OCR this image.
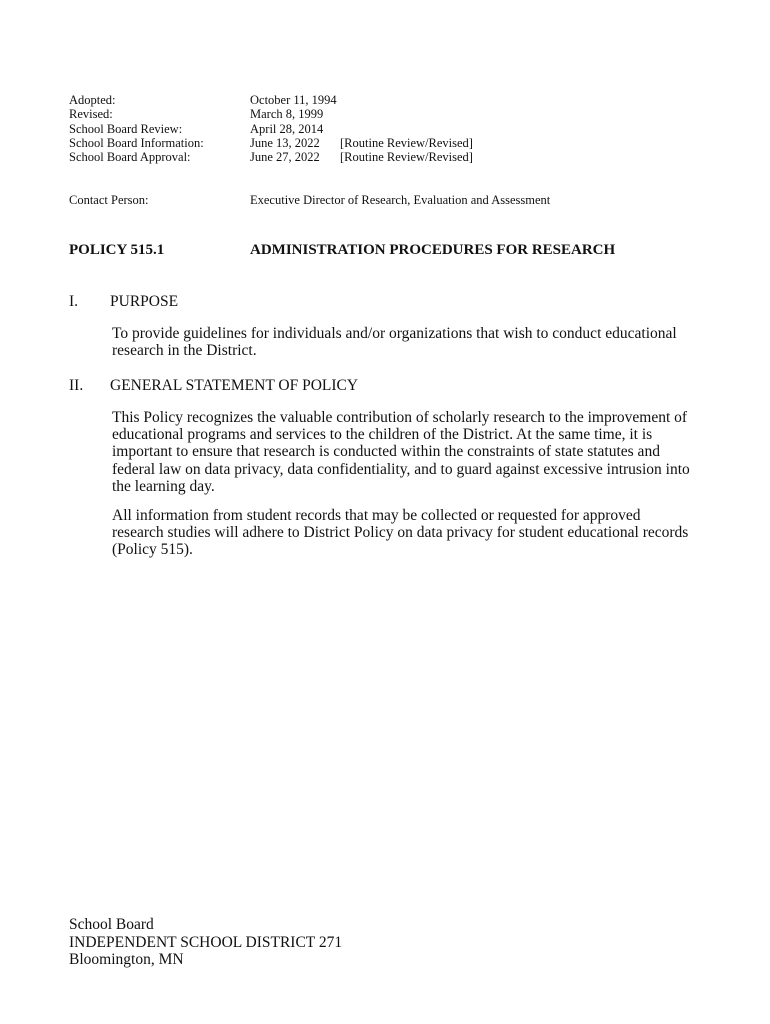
Adopted:	October 11, 1994
Revised:	March 8, 1999
School Board Review:	April 28, 2014
School Board Information:	June 13, 2022	[Routine Review/Revised]
School Board Approval:	June 27, 2022	[Routine Review/Revised]
Contact Person:	Executive Director of Research, Evaluation and Assessment
POLICY 515.1	ADMINISTRATION PROCEDURES FOR RESEARCH
I.	PURPOSE

To provide guidelines for individuals and/or organizations that wish to conduct educational research in the District.

II.	GENERAL STATEMENT OF POLICY

This Policy recognizes the valuable contribution of scholarly research to the improvement of educational programs and services to the children of the District. At the same time, it is important to ensure that research is conducted within the constraints of state statutes and federal law on data privacy, data confidentiality, and to guard against excessive intrusion into the learning day.

All information from student records that may be collected or requested for approved research studies will adhere to District Policy on data privacy for student educational records (Policy 515).

School Board
INDEPENDENT SCHOOL DISTRICT 271
Bloomington, MN
